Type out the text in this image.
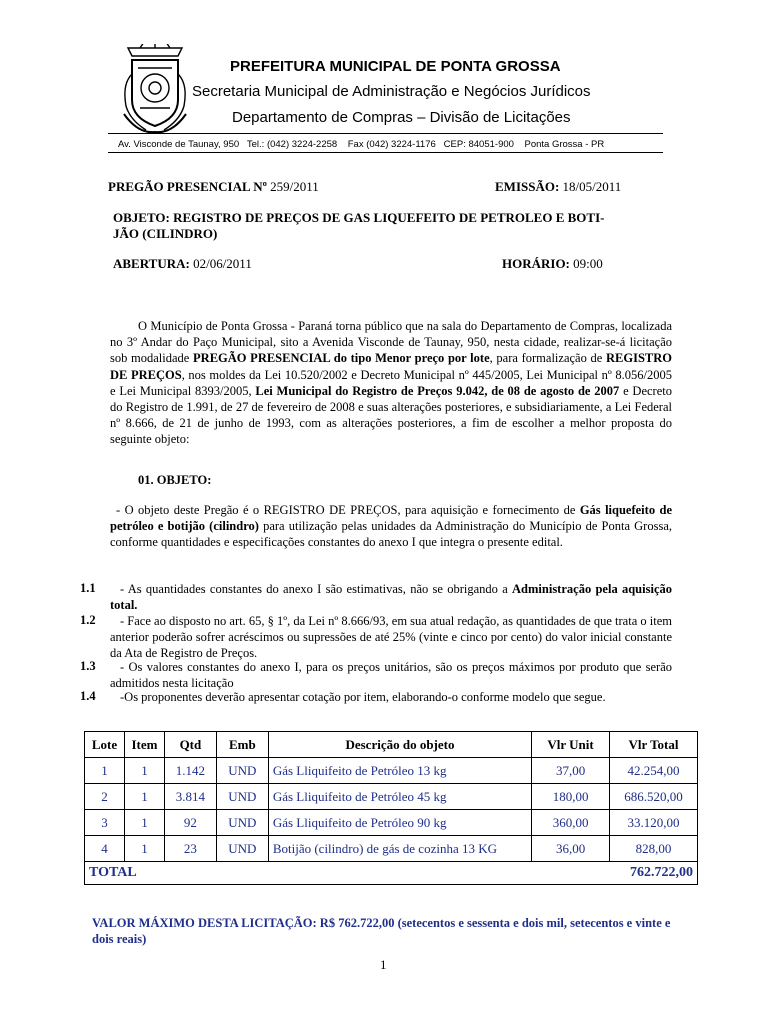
PREFEITURA MUNICIPAL DE PONTA GROSSA
Secretaria Municipal de Administração e Negócios Jurídicos
Departamento de Compras – Divisão de Licitações
Av. Visconde de Taunay, 950   Tel.: (042) 3224-2258    Fax (042) 3224-1176   CEP: 84051-900    Ponta Grossa - PR
PREGÃO PRESENCIAL Nº 259/2011	EMISSÃO: 18/05/2011
OBJETO: REGISTRO DE PREÇOS DE GAS LIQUEFEITO DE PETROLEO E BOTI-
JÃO (CILINDRO)
ABERTURA: 02/06/2011	HORÁRIO: 09:00
O Município de Ponta Grossa - Paraná torna público que na sala do Departamento de Compras, localizada no 3º Andar do Paço Municipal, sito a Avenida Visconde de Taunay, 950, nesta cidade, realizar-se-á licitação sob modalidade PREGÃO PRESENCIAL do tipo Menor preço por lote, para formalização de REGISTRO DE PREÇOS, nos moldes da Lei 10.520/2002 e Decreto Municipal nº 445/2005, Lei Municipal nº 8.056/2005 e Lei Municipal 8393/2005, Lei Municipal do Registro de Preços 9.042, de 08 de agosto de 2007 e Decreto do Registro de 1.991, de 27 de fevereiro de 2008 e suas alterações posteriores, e subsidiariamente, a Lei Federal nº 8.666, de 21 de junho de 1993, com as alterações posteriores, a fim de escolher a melhor proposta do seguinte objeto:
01. OBJETO:
- O objeto deste Pregão é o REGISTRO DE PREÇOS, para aquisição e fornecimento de Gás liquefeito de petróleo e botijão (cilindro) para utilização pelas unidades da Administração do Município de Ponta Grossa, conforme quantidades e especificações constantes do anexo I que integra o presente edital.
1.1	- As quantidades constantes do anexo I são estimativas, não se obrigando a Administração pela aquisição total.
1.2	- Face ao disposto no art. 65, § 1º, da Lei nº 8.666/93, em sua atual redação, as quantidades de que trata o item anterior poderão sofrer acréscimos ou supressões de até 25% (vinte e cinco por cento) do valor inicial constante da Ata de Registro de Preços.
1.3	- Os valores constantes do anexo I, para os preços unitários, são os preços máximos por produto que serão admitidos nesta licitação
1.4	-Os proponentes deverão apresentar cotação por item, elaborando-o conforme modelo que segue.
Lote	Item	Qtd	Emb	Descrição do objeto	Vlr Unit	Vlr Total
1	1	1.142	UND	Gás Lliquifeito de Petróleo 13 kg	37,00	42.254,00
2	1	3.814	UND	Gás Lliquifeito de Petróleo 45 kg	180,00	686.520,00
3	1	92	UND	Gás Lliquifeito de Petróleo 90 kg	360,00	33.120,00
4	1	23	UND	Botijão (cilindro) de gás de cozinha 13 KG	36,00	828,00
TOTAL				762.722,00		
VALOR MÁXIMO DESTA LICITAÇÃO: R$ 762.722,00 (setecentos e sessenta e dois mil, setecentos e vinte e dois reais)
1
